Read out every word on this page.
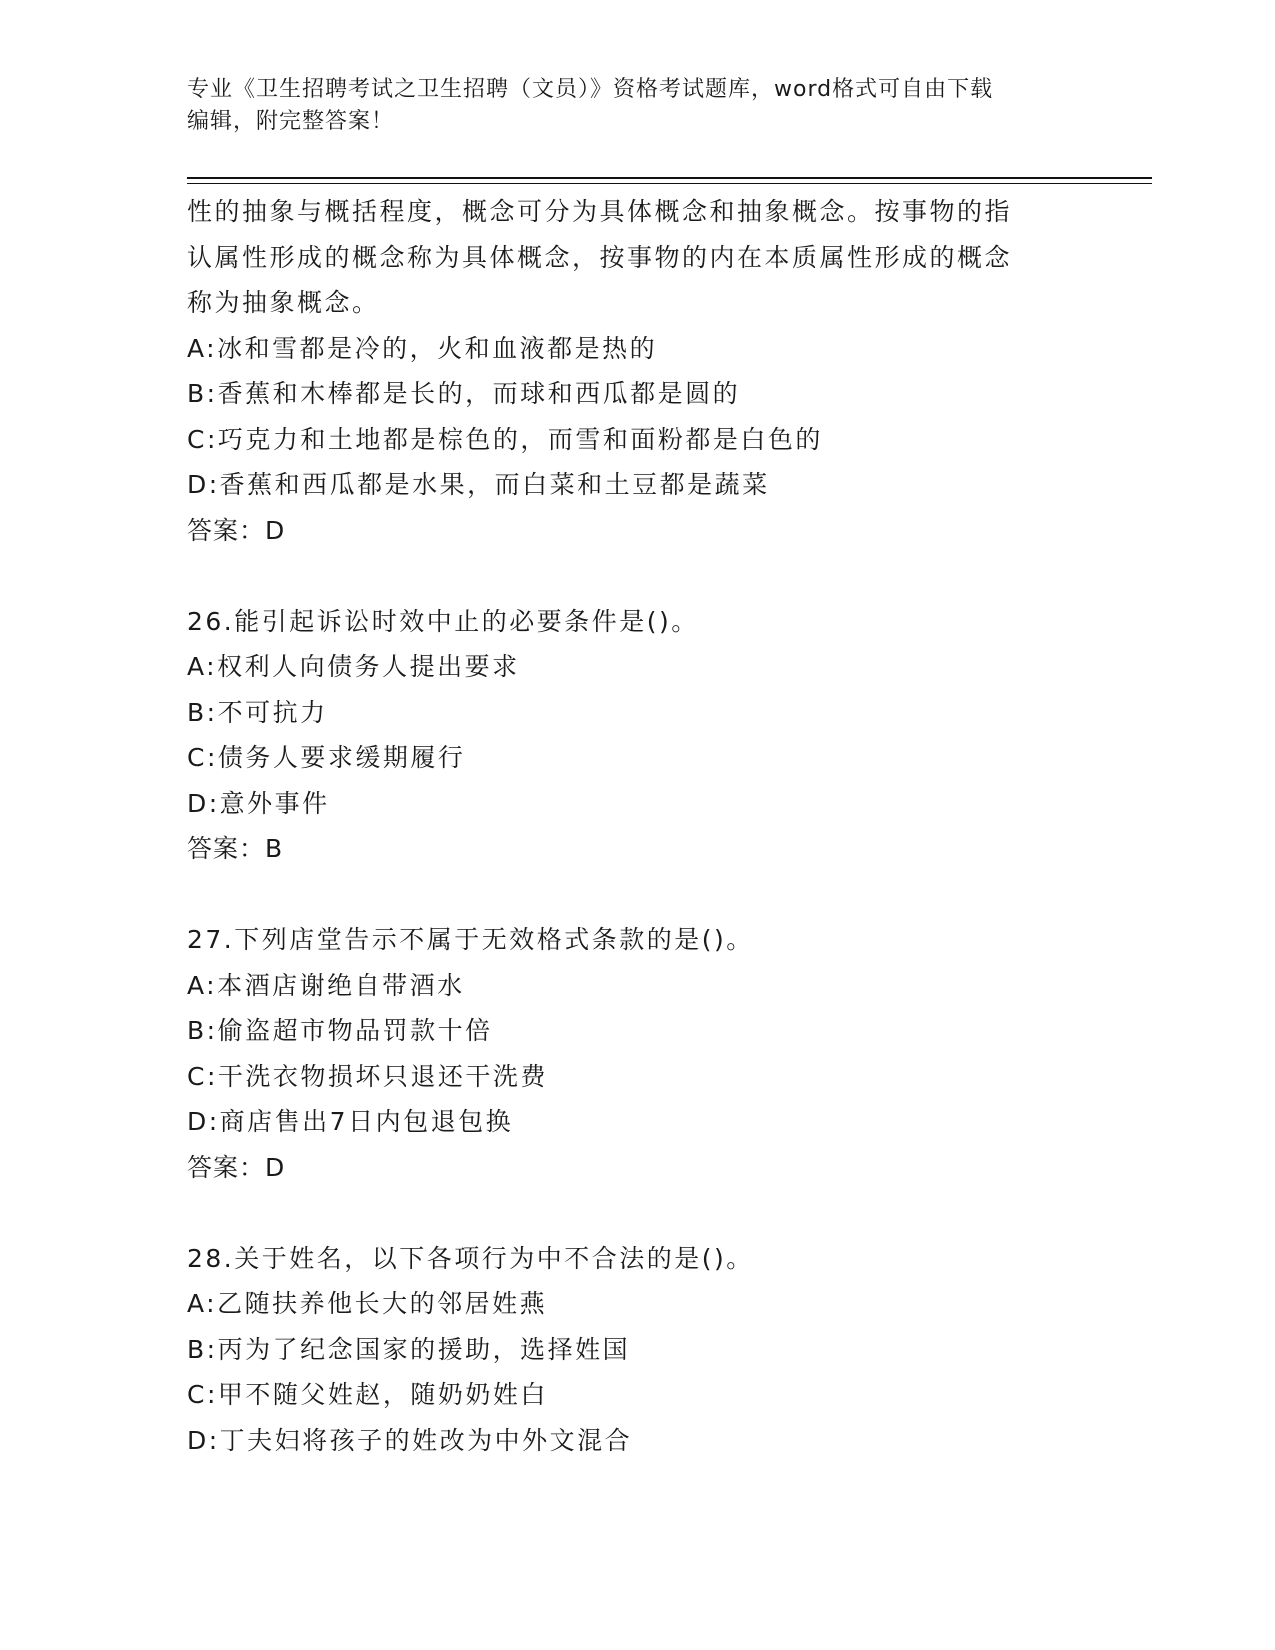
专业《卫生招聘考试之卫生招聘（文员）》资格考试题库，word格式可自由下载
编辑，附完整答案！
性的抽象与概括程度，概念可分为具体概念和抽象概念。按事物的指
认属性形成的概念称为具体概念，按事物的内在本质属性形成的概念
称为抽象概念。
A:冰和雪都是冷的，火和血液都是热的
B:香蕉和木棒都是长的，而球和西瓜都是圆的
C:巧克力和土地都是棕色的，而雪和面粉都是白色的
D:香蕉和西瓜都是水果，而白菜和土豆都是蔬菜
答案：D
26.能引起诉讼时效中止的必要条件是()。
A:权利人向债务人提出要求
B:不可抗力
C:债务人要求缓期履行
D:意外事件
答案：B
27.下列店堂告示不属于无效格式条款的是()。
A:本酒店谢绝自带酒水
B:偷盗超市物品罚款十倍
C:干洗衣物损坏只退还干洗费
D:商店售出7日内包退包换
答案：D
28.关于姓名，以下各项行为中不合法的是()。
A:乙随扶养他长大的邻居姓燕
B:丙为了纪念国家的援助，选择姓国
C:甲不随父姓赵，随奶奶姓白
D:丁夫妇将孩子的姓改为中外文混合
